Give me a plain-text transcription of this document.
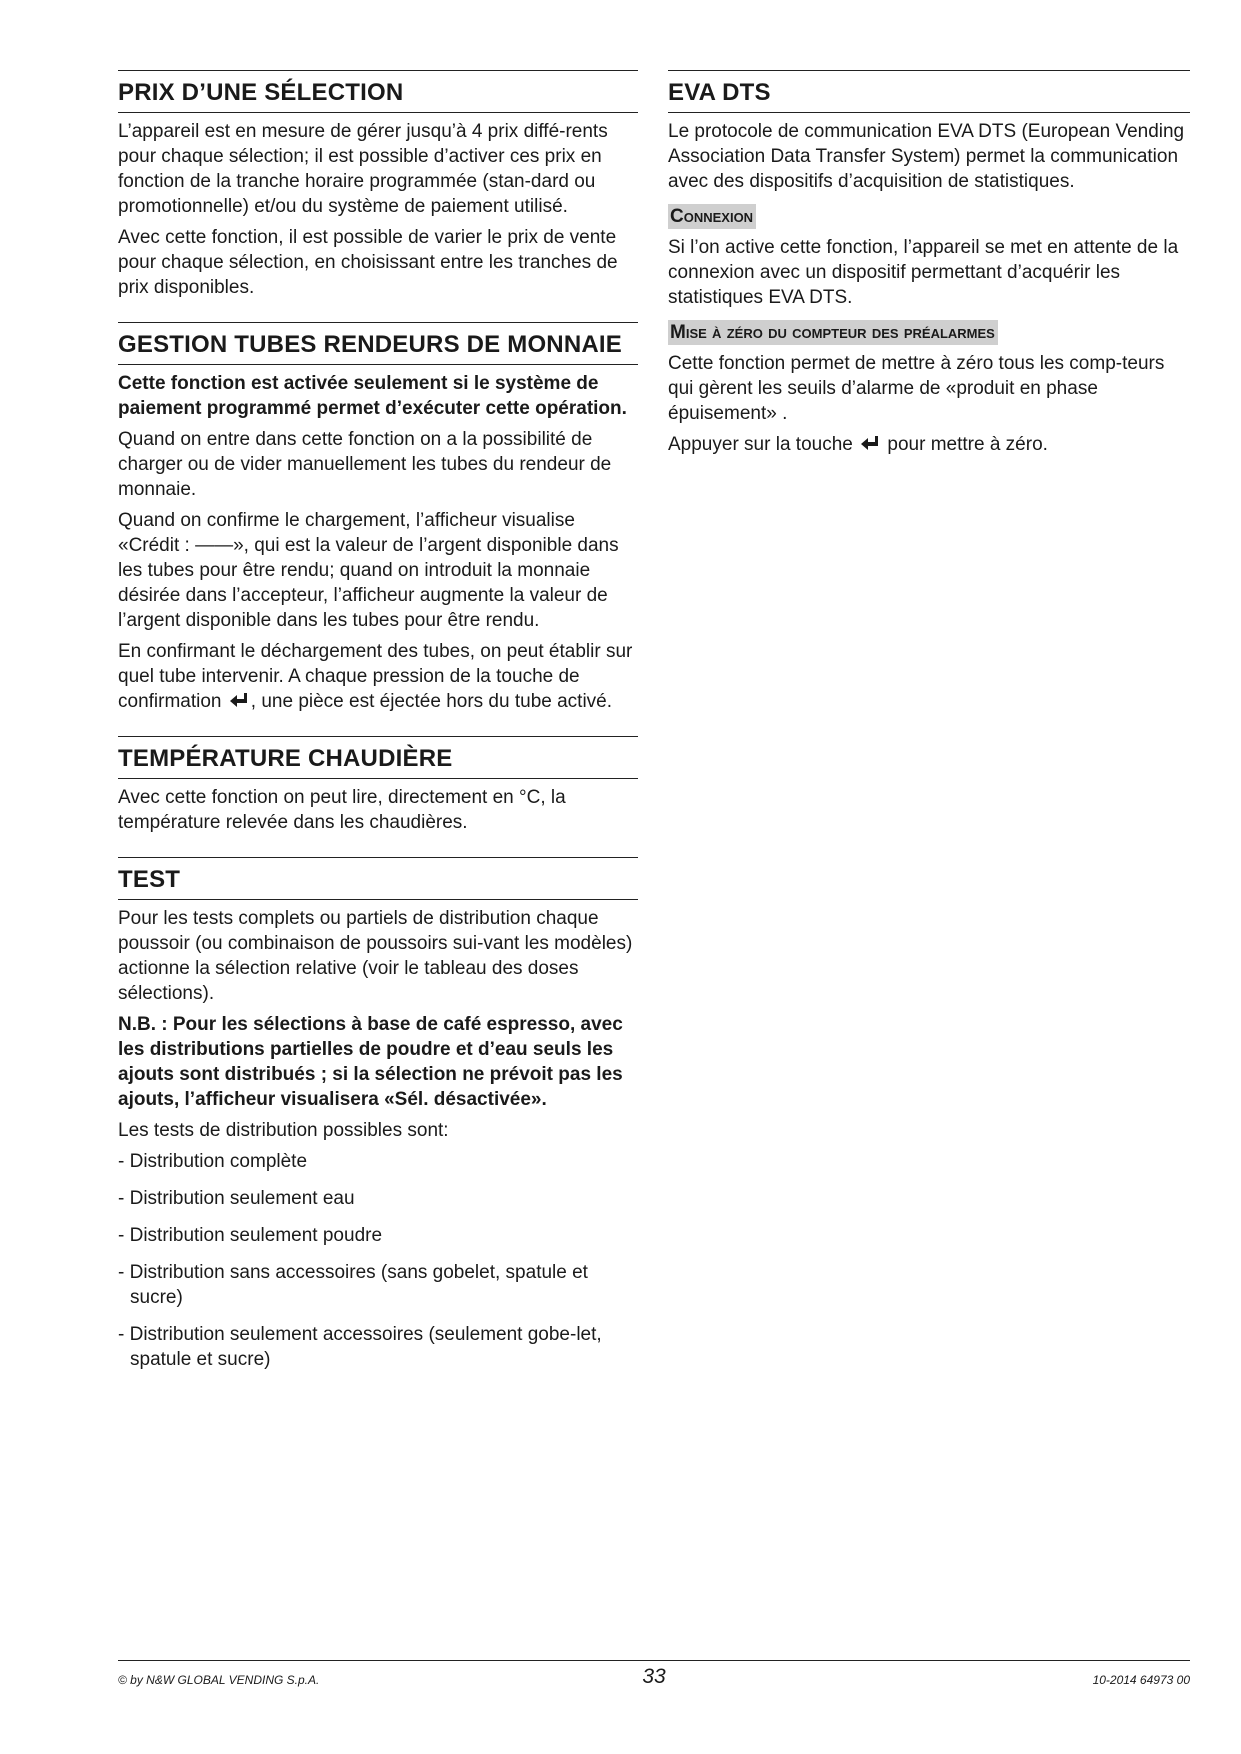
PRIX D’UNE SÉLECTION

L’appareil est en mesure de gérer jusqu’à 4 prix diffé-rents pour chaque sélection; il est possible d’activer ces prix en fonction de la tranche horaire programmée (stan-dard ou promotionnelle) et/ou du système de paiement utilisé.

Avec cette fonction, il est possible de varier le prix de vente pour chaque sélection, en choisissant entre les tranches de prix disponibles.

GESTION TUBES RENDEURS DE MONNAIE

Cette fonction est activée seulement si le système de paiement programmé permet d’exécuter cette opération.

Quand on entre dans cette fonction on a la possibilité de charger ou de vider manuellement les tubes du rendeur de monnaie.

Quand on confirme le chargement, l’afficheur visualise «Crédit : ——», qui est la valeur de l’argent disponible dans les tubes pour être rendu; quand on introduit la monnaie désirée dans l’accepteur, l’afficheur augmente la valeur de l’argent disponible dans les tubes pour être rendu.

En confirmant le déchargement des tubes, on peut établir sur quel tube intervenir. A chaque pression de la touche de confirmation , une pièce est éjectée hors du tube activé.

TEMPÉRATURE CHAUDIÈRE

Avec cette fonction on peut lire, directement en °C, la température relevée dans les chaudières.

TEST

Pour les tests complets ou partiels de distribution chaque poussoir (ou combinaison de poussoirs sui-vant les modèles) actionne la sélection relative (voir le tableau des doses sélections).

N.B. : Pour les sélections à base de café espresso, avec les distributions partielles de poudre et d’eau seuls les ajouts sont distribués ; si la sélection ne prévoit pas les ajouts, l’afficheur visualisera «Sél. désactivée».

Les tests de distribution possibles sont:

- Distribution complète
- Distribution seulement eau
- Distribution seulement poudre
- Distribution sans accessoires (sans gobelet, spatule et sucre)
- Distribution seulement accessoires (seulement gobe-let, spatule et sucre)
EVA DTS

Le protocole de communication EVA DTS (European Vending Association Data Transfer System) permet la communication avec des dispositifs d’acquisition de statistiques.

Connexion

Si l’on active cette fonction, l’appareil se met en attente de la connexion avec un dispositif permettant d’acquérir les statistiques EVA DTS.

Mise à zéro du compteur des préalarmes

Cette fonction permet de mettre à zéro tous les comp-teurs qui gèrent les seuils d’alarme de «produit en phase épuisement» .

Appuyer sur la touche pour mettre à zéro.

© by N&W GLOBAL VENDING S.p.A.	33	10-2014 64973 00
